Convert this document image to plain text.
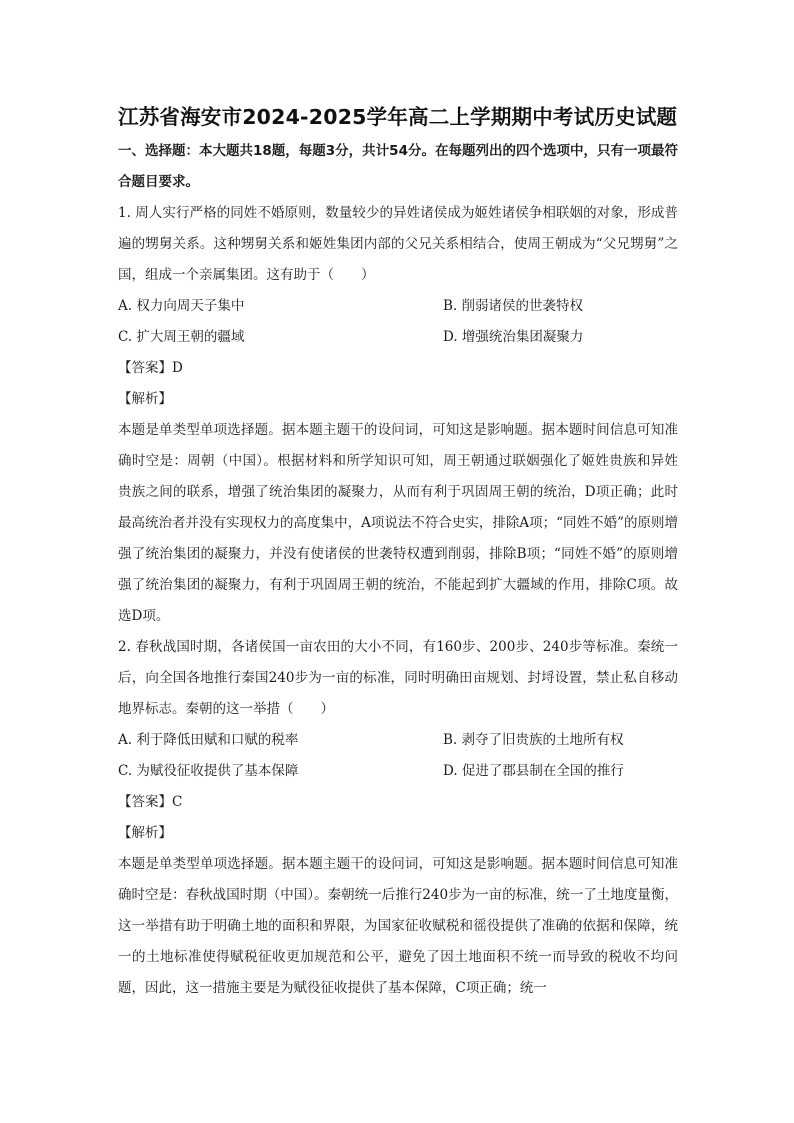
江苏省海安市2024-2025学年高二上学期期中考试历史试题

一、选择题：本大题共18题，每题3分，共计54分。在每题列出的四个选项中，只有一项最符合题目要求。

1. 周人实行严格的同姓不婚原则，数量较少的异姓诸侯成为姬姓诸侯争相联姻的对象，形成普遍的甥舅关系。这种甥舅关系和姬姓集团内部的父兄关系相结合，使周王朝成为“父兄甥舅”之国，组成一个亲属集团。这有助于（　　）

A. 权力向周天子集中	B. 削弱诸侯的世袭特权
C. 扩大周王朝的疆域	D. 增强统治集团凝聚力

【答案】D

【解析】

本题是单类型单项选择题。据本题主题干的设问词，可知这是影响题。据本题时间信息可知准确时空是：周朝（中国）。根据材料和所学知识可知，周王朝通过联姻强化了姬姓贵族和异姓贵族之间的联系，增强了统治集团的凝聚力，从而有利于巩固周王朝的统治，D项正确；此时最高统治者并没有实现权力的高度集中，A项说法不符合史实，排除A项；“同姓不婚”的原则增强了统治集团的凝聚力，并没有使诸侯的世袭特权遭到削弱，排除B项；“同姓不婚”的原则增强了统治集团的凝聚力，有利于巩固周王朝的统治，不能起到扩大疆域的作用，排除C项。故选D项。

2. 春秋战国时期，各诸侯国一亩农田的大小不同，有160步、200步、240步等标准。秦统一后，向全国各地推行秦国240步为一亩的标准，同时明确田亩规划、封埒设置，禁止私自移动地界标志。秦朝的这一举措（　　）

A. 利于降低田赋和口赋的税率	B. 剥夺了旧贵族的土地所有权
C. 为赋役征收提供了基本保障	D. 促进了郡县制在全国的推行

【答案】C

【解析】

本题是单类型单项选择题。据本题主题干的设问词，可知这是影响题。据本题时间信息可知准确时空是：春秋战国时期（中国）。秦朝统一后推行240步为一亩的标准，统一了土地度量衡，这一举措有助于明确土地的面积和界限，为国家征收赋税和徭役提供了准确的依据和保障，统一的土地标准使得赋税征收更加规范和公平，避免了因土地面积不统一而导致的税收不均问题，因此，这一措施主要是为赋役征收提供了基本保障，C项正确；统一
